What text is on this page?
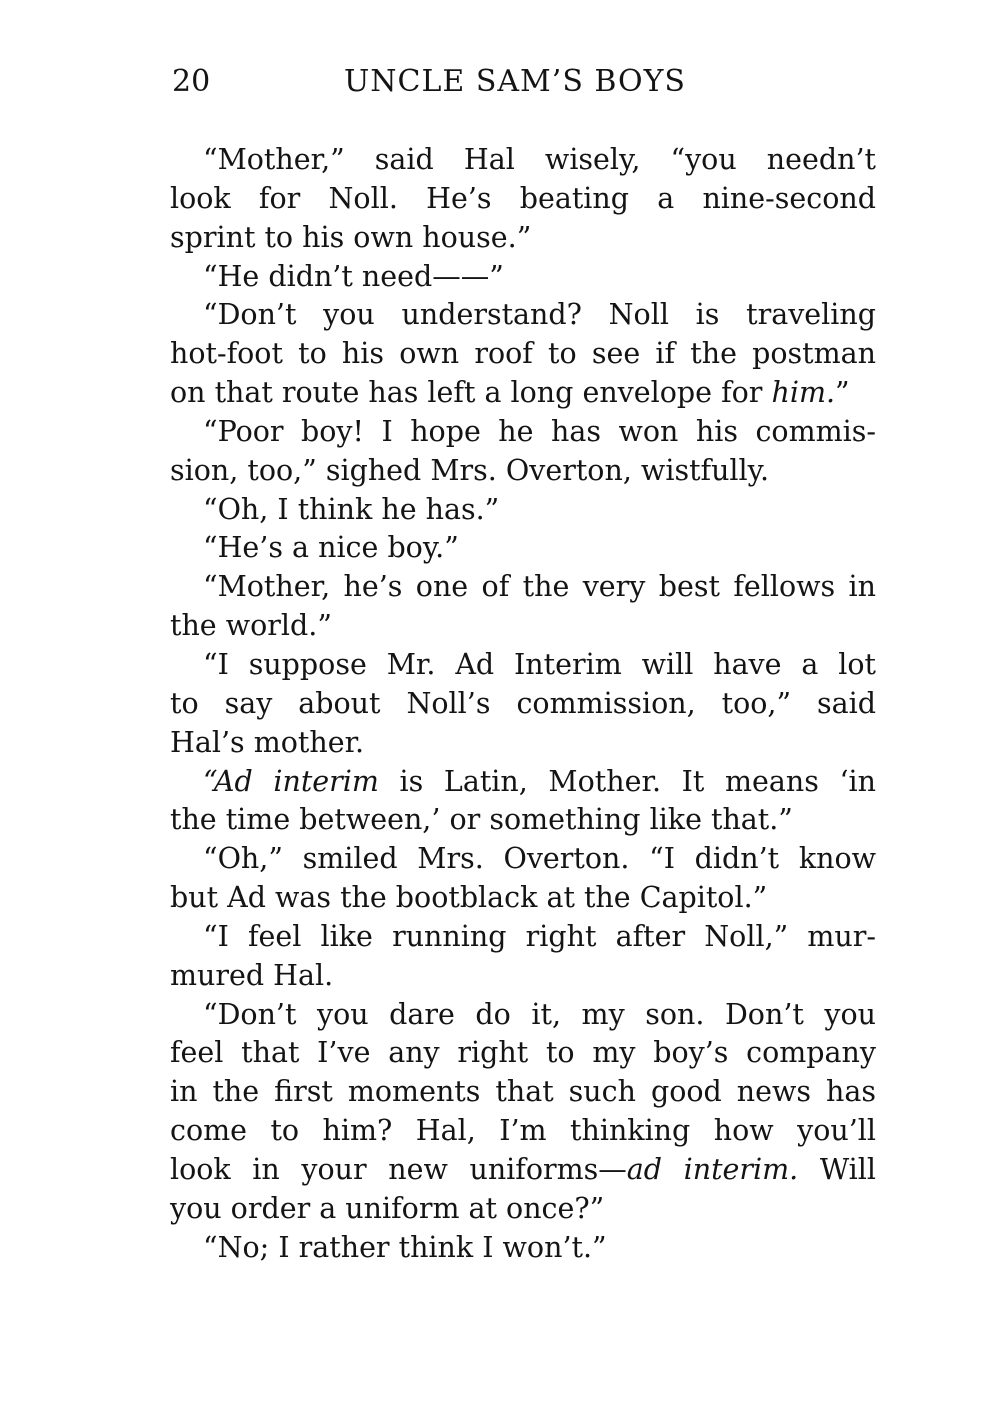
20	UNCLE SAM’S BOYS

“Mother,” said Hal wisely, “you needn’t
look for Noll. He’s beating a nine-second
sprint to his own house.”

“He didn’t need——”

“Don’t you understand? Noll is traveling
hot-foot to his own roof to see if the postman
on that route has left a long envelope for him.”

“Poor boy! I hope he has won his commis-
sion, too,” sighed Mrs. Overton, wistfully.

“Oh, I think he has.”

“He’s a nice boy.”

“Mother, he’s one of the very best fellows in
the world.”

“I suppose Mr. Ad Interim will have a lot
to say about Noll’s commission, too,” said
Hal’s mother.

“Ad interim is Latin, Mother. It means ‘in
the time between,’ or something like that.”

“Oh,” smiled Mrs. Overton. “I didn’t know
but Ad was the bootblack at the Capitol.”

“I feel like running right after Noll,” mur-
mured Hal.

“Don’t you dare do it, my son. Don’t you
feel that I’ve any right to my boy’s company
in the first moments that such good news has
come to him? Hal, I’m thinking how you’ll
look in your new uniforms—ad interim. Will
you order a uniform at once?”

“No; I rather think I won’t.”
